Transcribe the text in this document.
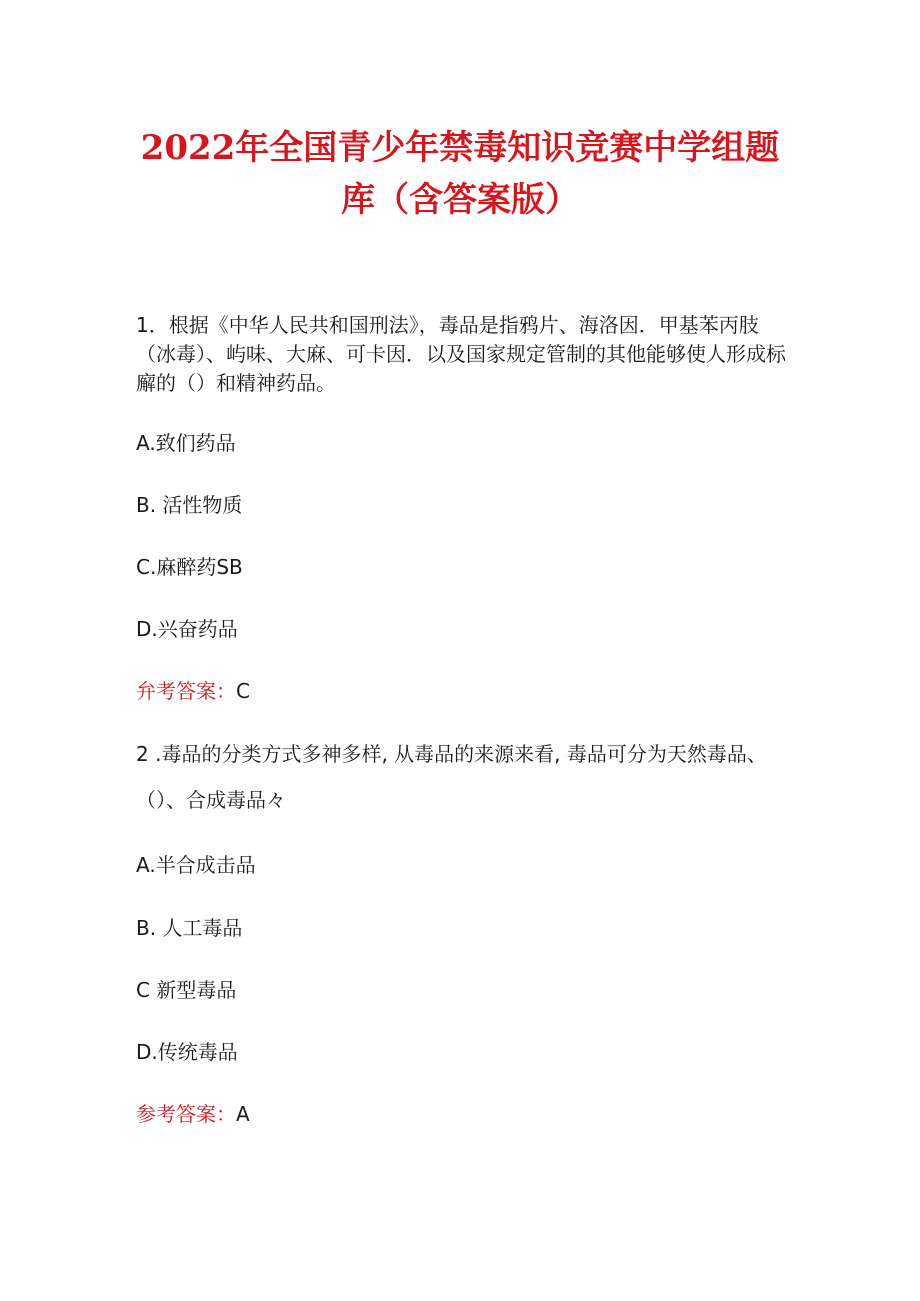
2022年全国青少年禁毒知识竞赛中学组题
库（含答案版）
1．根据《中华人民共和国刑法》，毒品是指鸦片、海洛因．甲基苯丙肢（冰毒）、屿味、大麻、可卡因．以及国家规定管制的其他能够使人形成标廨的（）和精神药品。
A.致们药品
B. 活性物质
C.麻醉药SB
D.兴奋药品
弁考答案：C
2 .毒品的分类方式多神多样, 从毒品的来源来看, 毒品可分为天然毒品、（）、合成毒品々
A.半合成击品
B. 人工毒品
C 新型毒品
D.传统毒品
参考答案：A
